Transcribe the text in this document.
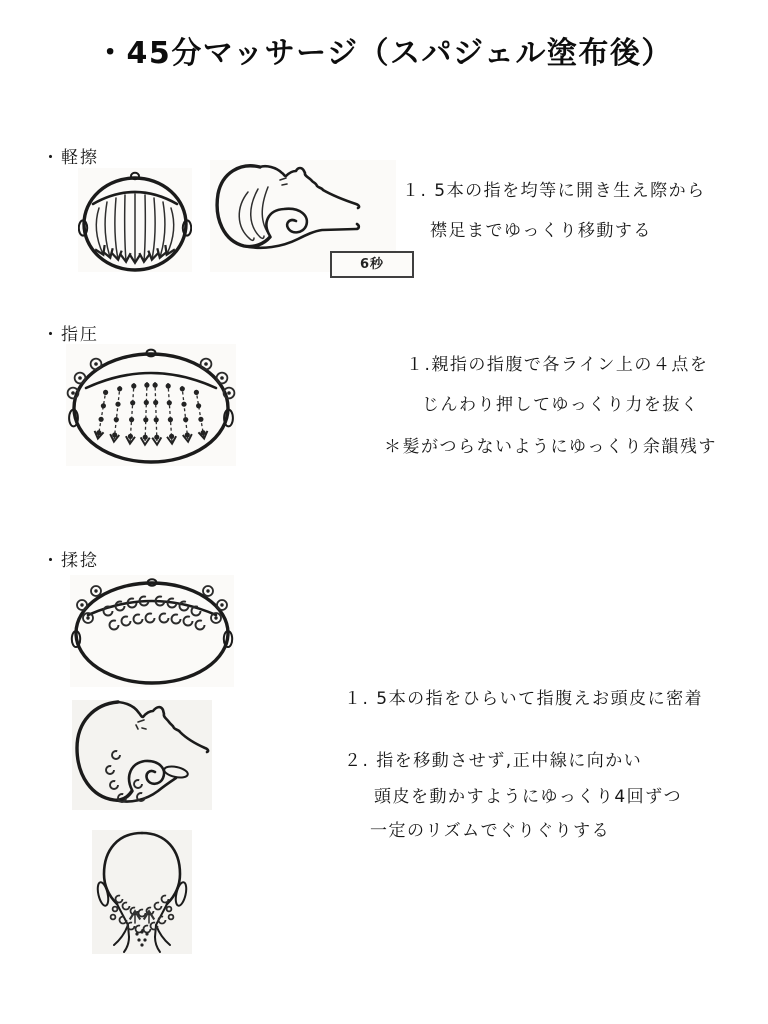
・45分マッサージ（スパジェル塗布後）
・軽擦
6秒
１. 5本の指を均等に開き生え際から
襟足までゆっくり移動する
・指圧
１.親指の指腹で各ライン上の４点を
じんわり押してゆっくり力を抜く
＊髪がつらないようにゆっくり余韻残す
・揉捻
１. 5本の指をひらいて指腹えお頭皮に密着
２. 指を移動させず,正中線に向かい
頭皮を動かすようにゆっくり4回ずつ
一定のリズムでぐりぐりする
